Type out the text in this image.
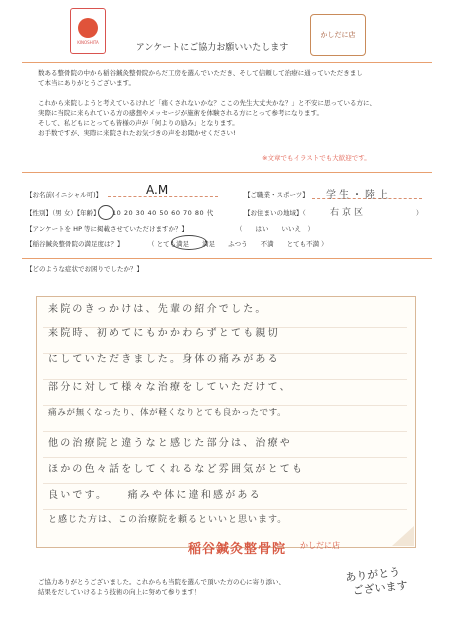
KINOSHITA
かしだに店
アンケートにご協力お願いいたします
数ある整骨院の中から稲谷鍼灸整骨院からだ工房を選んでいただき、そして信頼して治療に通っていただきまし
て本当にありがとうございます。
これから来院しようと考えているけれど「痛くされないかな？ここの先生大丈夫かな？」と不安に思っている方に、
実際に当院に来られている方の感想やメッセージが施術を体験される方にとって参考になります。
そして、私どもにとっても皆様の声が「何よりの励み」となります。
お手数ですが、実際に来院されたお気づきの声をお聞かせください!
※文章でもイラストでも大歓迎です。
【お名前(イニシャル可)】	A.M	【ご職業・スポーツ】 学生・陸上
【性別】（男 女）【年齢】 10 20 30 40 50 60 70 80 代	【お住まいの地域】（	右京区	）
【アンケートを HP 等に掲載させていただけますか？】	（　　はい　　いいえ　）
【稲谷鍼灸整骨院の満足度は？】	（ とても満足　　満足　　ふつう　　不満　　とても不満 ）
【どのような症状でお困りでしたか？】
来院のきっかけは、先輩の紹介でした。
来院時、初めてにもかかわらずとても親切
にしていただきました。身体の痛みがある
部分に対して様々な治療をしていただけて、
痛みが無くなったり、体が軽くなりとても良かったです。
他の治療院と違うなと感じた部分は、治療や
ほかの色々話をしてくれるなど雰囲気がとても
良いです。　　痛みや体に違和感がある
と感じた方は、この治療院を頼るといいと思います。
稲谷鍼灸整骨院 かしだに店
ご協力ありがとうございました。これからも当院を選んで頂いた方の心に寄り添い、
結果をだしていけるよう技術の向上に努めて参ります！
ありがとう
ございます
